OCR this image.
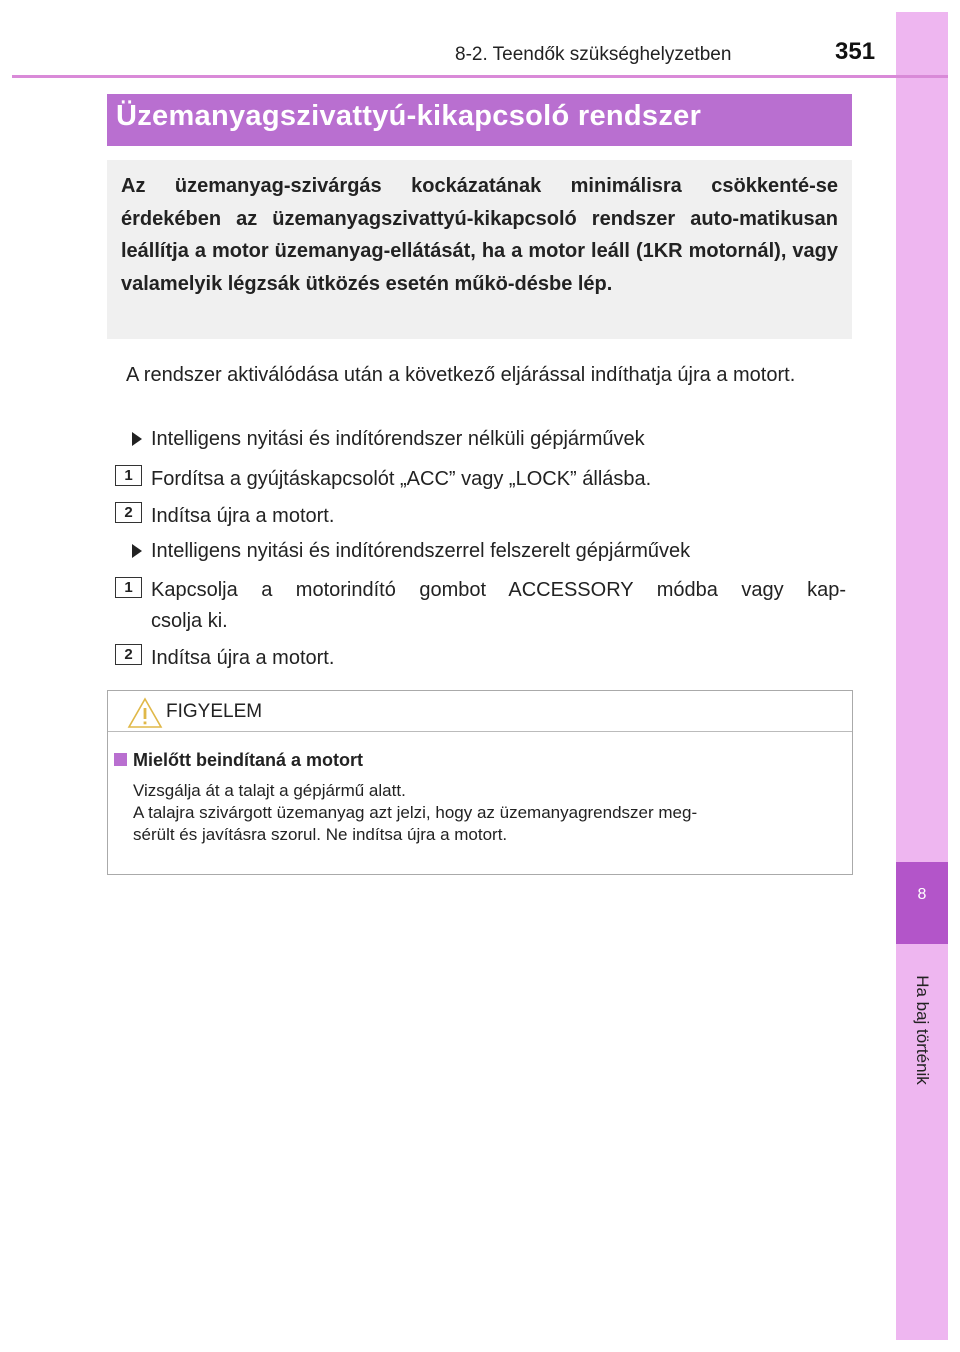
8
Ha baj történik
8-2. Teendők szükséghelyzetben	351
Üzemanyagszivattyú-kikapcsoló rendszer
Az üzemanyag-szivárgás kockázatának minimálisra csökkenté-se érdekében az üzemanyagszivattyú-kikapcsoló rendszer auto-matikusan leállítja a motor üzemanyag-ellátását, ha a motor leáll (1KR motornál), vagy valamelyik légzsák ütközés esetén műkö-désbe lép.
A rendszer aktiválódása után a következő eljárással indíthatja újra a motort.
Intelligens nyitási és indítórendszer nélküli gépjárművek
1 Fordítsa a gyújtáskapcsolót „ACC” vagy „LOCK” állásba.
2 Indítsa újra a motort.
Intelligens nyitási és indítórendszerrel felszerelt gépjárművek
1 Kapcsolja a motorindító gombot ACCESSORY módba vagy kap-
csolja ki.
2 Indítsa újra a motort.
FIGYELEM
Mielőtt beindítaná a motort
Vizsgálja át a talajt a gépjármű alatt.
A talajra szivárgott üzemanyag azt jelzi, hogy az üzemanyagrendszer meg-
sérült és javításra szorul. Ne indítsa újra a motort.
